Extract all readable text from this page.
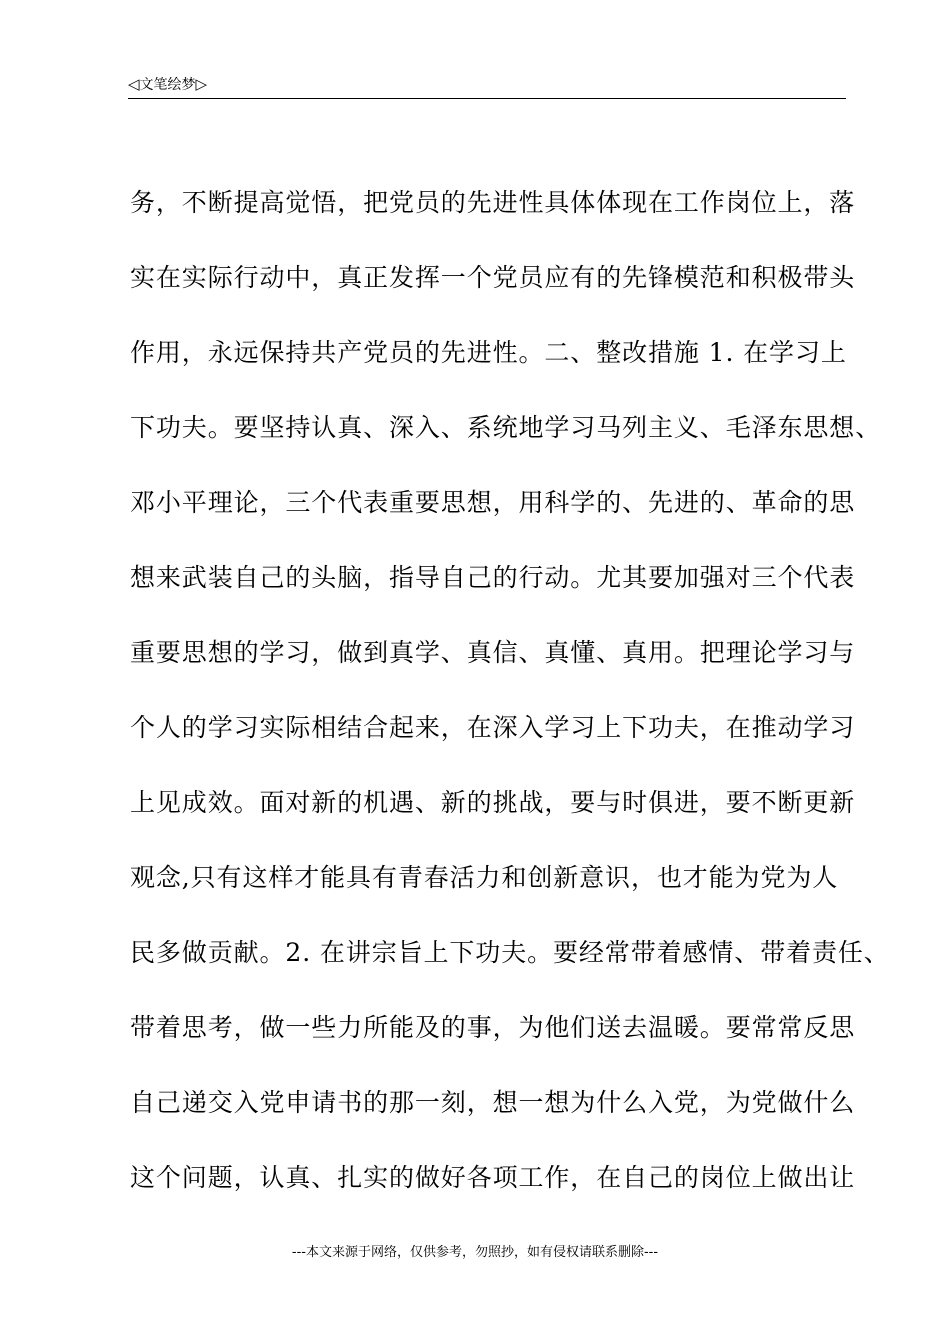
◁文笔绘梦▷
务，不断提高觉悟，把党员的先进性具体体现在工作岗位上，落
实在实际行动中，真正发挥一个党员应有的先锋模范和积极带头
作用，永远保持共产党员的先进性。二、整改措施 1. 在学习上
下功夫。要坚持认真、深入、系统地学习马列主义、毛泽东思想、
邓小平理论，三个代表重要思想，用科学的、先进的、革命的思
想来武装自己的头脑，指导自己的行动。尤其要加强对三个代表
重要思想的学习，做到真学、真信、真懂、真用。把理论学习与
个人的学习实际相结合起来，在深入学习上下功夫，在推动学习
上见成效。面对新的机遇、新的挑战，要与时俱进，要不断更新
观念,只有这样才能具有青春活力和创新意识，也才能为党为人
民多做贡献。2. 在讲宗旨上下功夫。要经常带着感情、带着责任、
带着思考，做一些力所能及的事，为他们送去温暖。要常常反思
自己递交入党申请书的那一刻，想一想为什么入党，为党做什么
这个问题，认真、扎实的做好各项工作，在自己的岗位上做出让
---本文来源于网络，仅供参考，勿照抄，如有侵权请联系删除---
